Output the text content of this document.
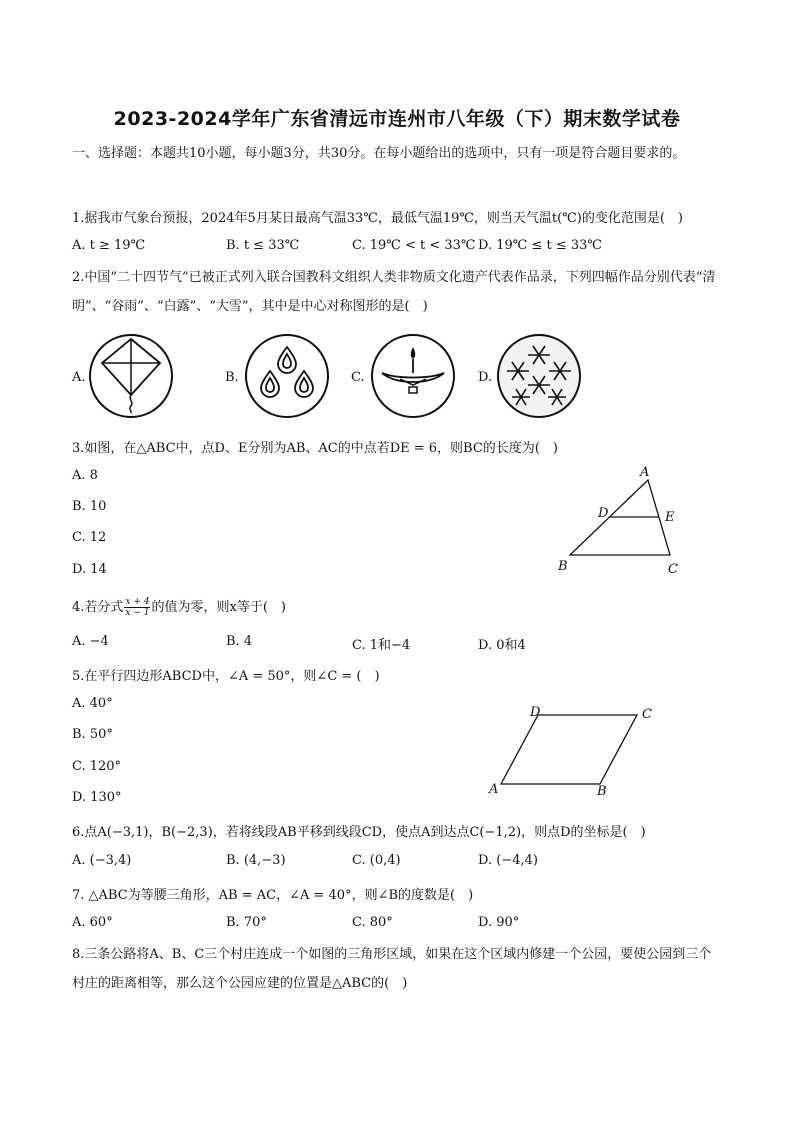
2023-2024学年广东省清远市连州市八年级（下）期末数学试卷
一、选择题：本题共10小题，每小题3分，共30分。在每小题给出的选项中，只有一项是符合题目要求的。
1.据我市气象台预报，2024年5月某日最高气温33℃，最低气温19℃，则当天气温t(℃)的变化范围是(　)
A. t ≥ 19℃	B. t ≤ 33℃	C. 19℃ < t < 33℃ D. 19℃ ≤ t ≤ 33℃
2.中国“二十四节气”已被正式列入联合国教科文组织人类非物质文化遗产代表作品录，下列四幅作品分别代表“清明”、“谷雨”、“白露”、“大雪”，其中是中心对称图形的是(　)
A.	B.	C.	D.
3.如图，在△ABC中，点D、E分别为AB、AC的中点若DE = 6，则BC的长度为(　)
A. 8
B. 10
C. 12
D. 14
A
B	C
D	E
4.若分式 $\frac{x + 4}{x - 1}$ 的值为零，则x等于(　)
A. −4	B. 4	C. 1和−4	D. 0和4
5.在平行四边形ABCD中，∠A = 50°，则∠C = (　)
A. 40°
B. 50°
C. 120°
D. 130°
A	B
C
D
6.点A(−3,1)，B(−2,3)，若将线段AB平移到线段CD，使点A到达点C(−1,2)，则点D的坐标是(　)
A. (−3,4)	B. (4,−3)	C. (0,4)	D. (−4,4)
7. △ABC为等腰三角形，AB = AC，∠A = 40°，则∠B的度数是(　)
A. 60°	B. 70°	C. 80°	D. 90°
8.三条公路将A、B、C三个村庄连成一个如图的三角形区域，如果在这个区域内修建一个公园，要使公园到三个村庄的距离相等，那么这个公园应建的位置是△ABC的(　)
